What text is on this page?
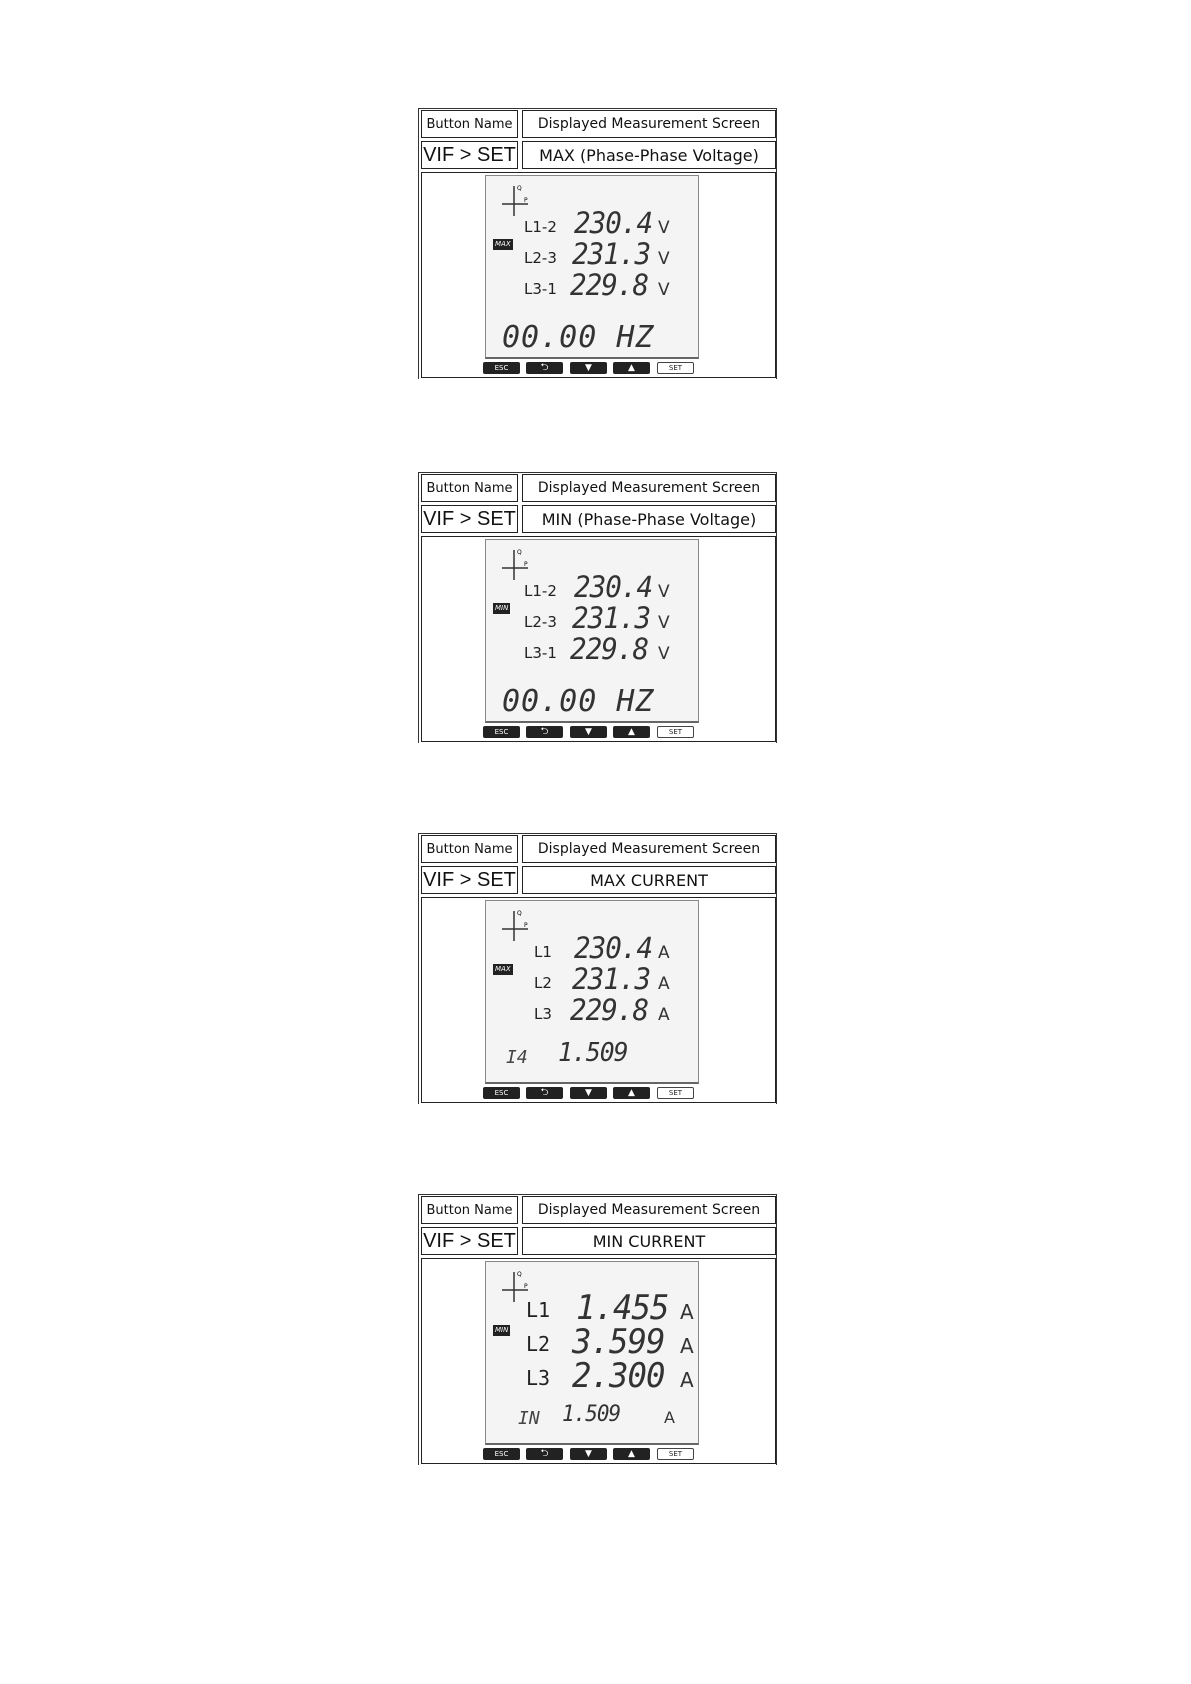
Button Name	Displayed Measurement Screen
VIF > SET	MAX (Phase-Phase Voltage)
Q
P
MAX
L1-2 230.4 V
L2-3 231.3 V
L3-1 229.8 V
00.00 HZ
ESC	⮌	▼	▲	SET
Button Name	Displayed Measurement Screen
VIF > SET	MIN (Phase-Phase Voltage)
Q
P
MIN
L1-2 230.4 V
L2-3 231.3 V
L3-1 229.8 V
00.00 HZ
ESC	⮌	▼	▲	SET
Button Name	Displayed Measurement Screen
VIF > SET	MAX CURRENT
Q
P
MAX
L1 230.4 A
L2 231.3 A
L3 229.8 A
I4 1.509
ESC	⮌	▼	▲	SET
Button Name	Displayed Measurement Screen
VIF > SET	MIN CURRENT
Q
P
MIN
L1 1.455 A
L2 3.599 A
L3 2.300 A
IN 1.509	A
ESC	⮌	▼	▲	SET
